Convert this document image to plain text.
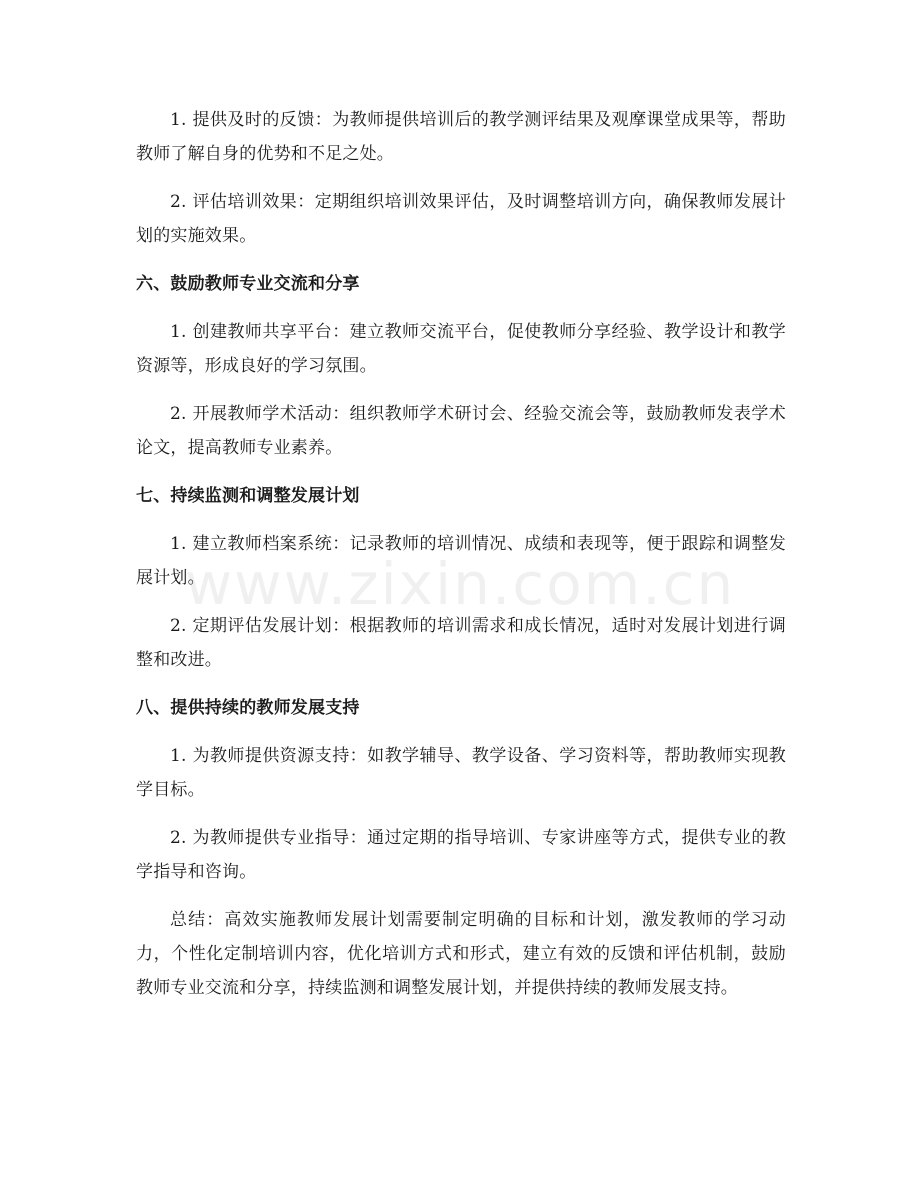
www.zixin.com.cn

1. 提供及时的反馈：为教师提供培训后的教学测评结果及观摩课堂成果等，帮助教师了解自身的优势和不足之处。

2. 评估培训效果：定期组织培训效果评估，及时调整培训方向，确保教师发展计划的实施效果。

六、鼓励教师专业交流和分享

1. 创建教师共享平台：建立教师交流平台，促使教师分享经验、教学设计和教学资源等，形成良好的学习氛围。

2. 开展教师学术活动：组织教师学术研讨会、经验交流会等，鼓励教师发表学术论文，提高教师专业素养。

七、持续监测和调整发展计划

1. 建立教师档案系统：记录教师的培训情况、成绩和表现等，便于跟踪和调整发展计划。

2. 定期评估发展计划：根据教师的培训需求和成长情况，适时对发展计划进行调整和改进。

八、提供持续的教师发展支持

1. 为教师提供资源支持：如教学辅导、教学设备、学习资料等，帮助教师实现教学目标。

2. 为教师提供专业指导：通过定期的指导培训、专家讲座等方式，提供专业的教学指导和咨询。

总结：高效实施教师发展计划需要制定明确的目标和计划，激发教师的学习动力，个性化定制培训内容，优化培训方式和形式，建立有效的反馈和评估机制，鼓励教师专业交流和分享，持续监测和调整发展计划，并提供持续的教师发展支持。
